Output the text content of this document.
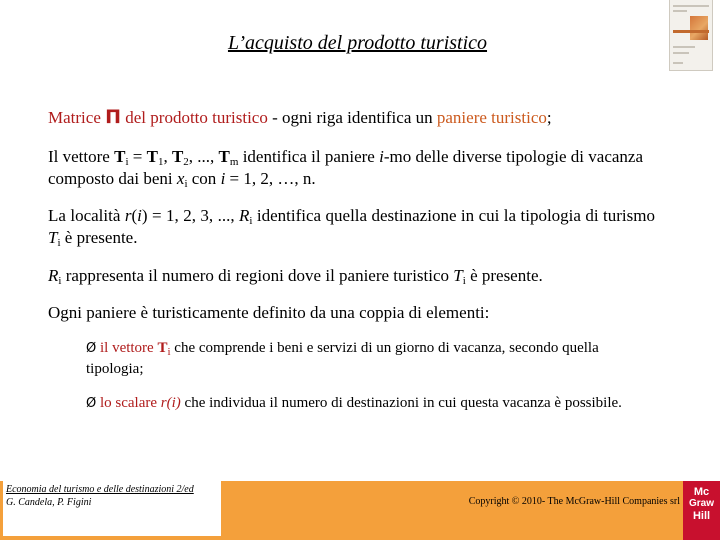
L’acquisto del prodotto turistico
Matrice Π del prodotto turistico - ogni riga identifica un paniere turistico;
Il vettore $T_i = T_1$, $T_2$, ..., $T_m$ identifica il paniere i-mo delle diverse tipologie di vacanza composto dai beni $x_i$ con i = 1, 2, …, n.
La località r(i) = 1, 2, 3, ..., $R_i$ identifica quella destinazione in cui la tipologia di turismo $T_i$ è presente.
$R_i$ rappresenta il numero di regioni dove il paniere turistico $T_i$ è presente.
Ogni paniere è turisticamente definito da una coppia di elementi:
Ø il vettore $T_i$ che comprende i beni e servizi di un giorno di vacanza, secondo quella tipologia;
Ø lo scalare r(i) che individua il numero di destinazioni in cui questa vacanza è possibile.
Economia del turismo e delle destinazioni 2/ed
G. Candela, P. Figini	Copyright © 2010- The McGraw-Hill Companies srl
Mc
Graw
Hill
